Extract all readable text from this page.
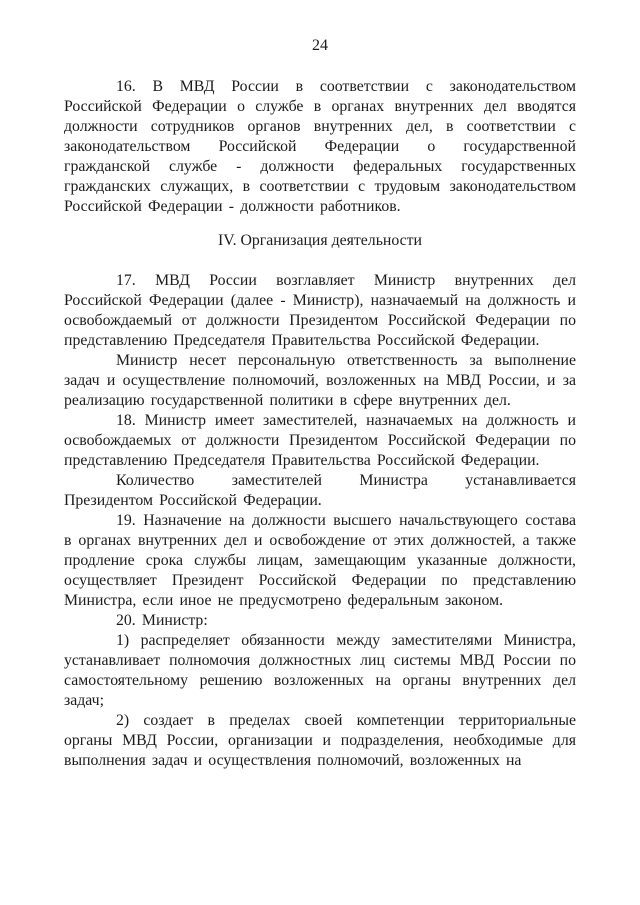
24

16. В МВД России в соответствии с законодательством Российской Федерации о службе в органах внутренних дел вводятся должности сотрудников органов внутренних дел, в соответствии с законодательством Российской Федерации о государственной гражданской службе - должности федеральных государственных гражданских служащих, в соответствии с трудовым законодательством Российской Федерации - должности работников.

IV. Организация деятельности

17. МВД России возглавляет Министр внутренних дел Российской Федерации (далее - Министр), назначаемый на должность и освобождаемый от должности Президентом Российской Федерации по представлению Председателя Правительства Российской Федерации.

Министр несет персональную ответственность за выполнение задач и осуществление полномочий, возложенных на МВД России, и за реализацию государственной политики в сфере внутренних дел.

18. Министр имеет заместителей, назначаемых на должность и освобождаемых от должности Президентом Российской Федерации по представлению Председателя Правительства Российской Федерации.

Количество заместителей Министра устанавливается Президентом Российской Федерации.

19. Назначение на должности высшего начальствующего состава в органах внутренних дел и освобождение от этих должностей, а также продление срока службы лицам, замещающим указанные должности, осуществляет Президент Российской Федерации по представлению Министра, если иное не предусмотрено федеральным законом.

20. Министр:

1) распределяет обязанности между заместителями Министра, устанавливает полномочия должностных лиц системы МВД России по самостоятельному решению возложенных на органы внутренних дел задач;

2) создает в пределах своей компетенции территориальные органы МВД России, организации и подразделения, необходимые для выполнения задач и осуществления полномочий, возложенных на
